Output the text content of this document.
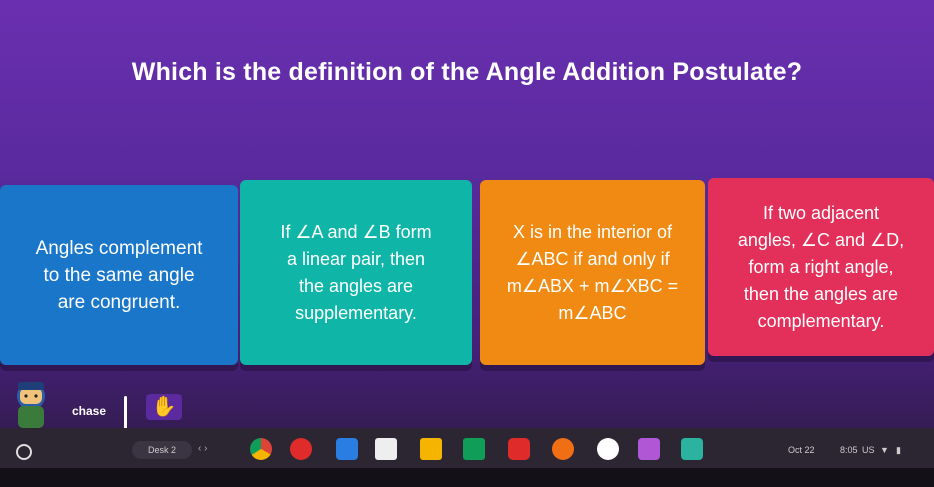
Which is the definition of the Angle Addition Postulate?
Angles complement
to the same angle
are congruent.
If ∠A and ∠B form
a linear pair, then
the angles are
supplementary.
X is in the interior of
∠ABC if and only if
m∠ABX + m∠XBC =
m∠ABC
If two adjacent
angles, ∠C and ∠D,
form a right angle,
then the angles are
complementary.
chase ✋
Desk 2	‹ ›	Oct 22	8:05 US ▼ ▮
